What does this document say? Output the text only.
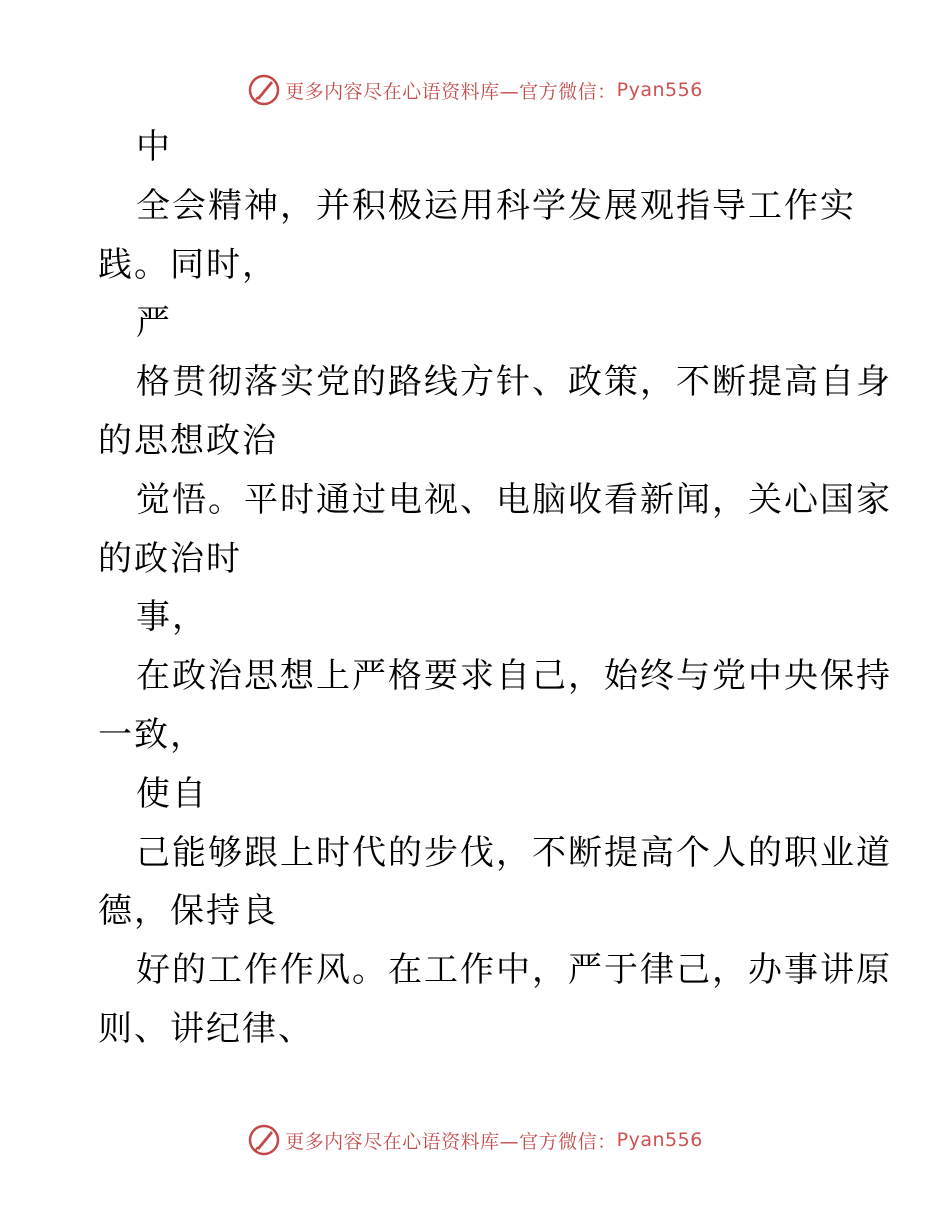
更多内容尽在心语资料库—官方微信： Pyan556
中
全会精神，并积极运用科学发展观指导工作实
践。同时，
严
格贯彻落实党的路线方针、政策，不断提高自身
的思想政治
觉悟。平时通过电视、电脑收看新闻，关心国家
的政治时
事，
在政治思想上严格要求自己，始终与党中央保持
一致，
使自
己能够跟上时代的步伐，不断提高个人的职业道
德，保持良
好的工作作风。在工作中，严于律己，办事讲原
则、讲纪律、
更多内容尽在心语资料库—官方微信： Pyan556
